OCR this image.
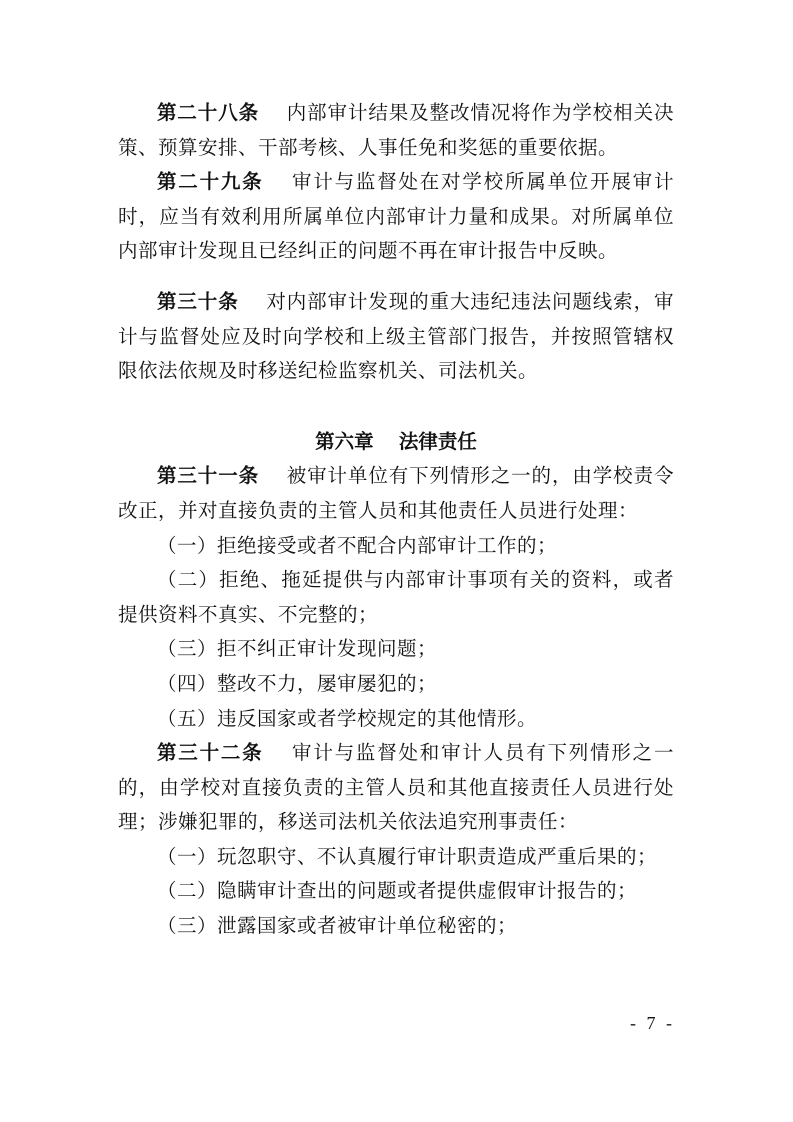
第二十八条 内部审计结果及整改情况将作为学校相关决策、预算安排、干部考核、人事任免和奖惩的重要依据。

第二十九条 审计与监督处在对学校所属单位开展审计时，应当有效利用所属单位内部审计力量和成果。对所属单位内部审计发现且已经纠正的问题不再在审计报告中反映。

第三十条 对内部审计发现的重大违纪违法问题线索，审计与监督处应及时向学校和上级主管部门报告，并按照管辖权限依法依规及时移送纪检监察机关、司法机关。

第六章 法律责任

第三十一条 被审计单位有下列情形之一的，由学校责令改正，并对直接负责的主管人员和其他责任人员进行处理：

（一）拒绝接受或者不配合内部审计工作的；

（二）拒绝、拖延提供与内部审计事项有关的资料，或者提供资料不真实、不完整的；

（三）拒不纠正审计发现问题；

（四）整改不力，屡审屡犯的；

（五）违反国家或者学校规定的其他情形。

第三十二条 审计与监督处和审计人员有下列情形之一的，由学校对直接负责的主管人员和其他直接责任人员进行处理；涉嫌犯罪的，移送司法机关依法追究刑事责任：

（一）玩忽职守、不认真履行审计职责造成严重后果的；

（二）隐瞒审计查出的问题或者提供虚假审计报告的；

（三）泄露国家或者被审计单位秘密的；

- 7 -
